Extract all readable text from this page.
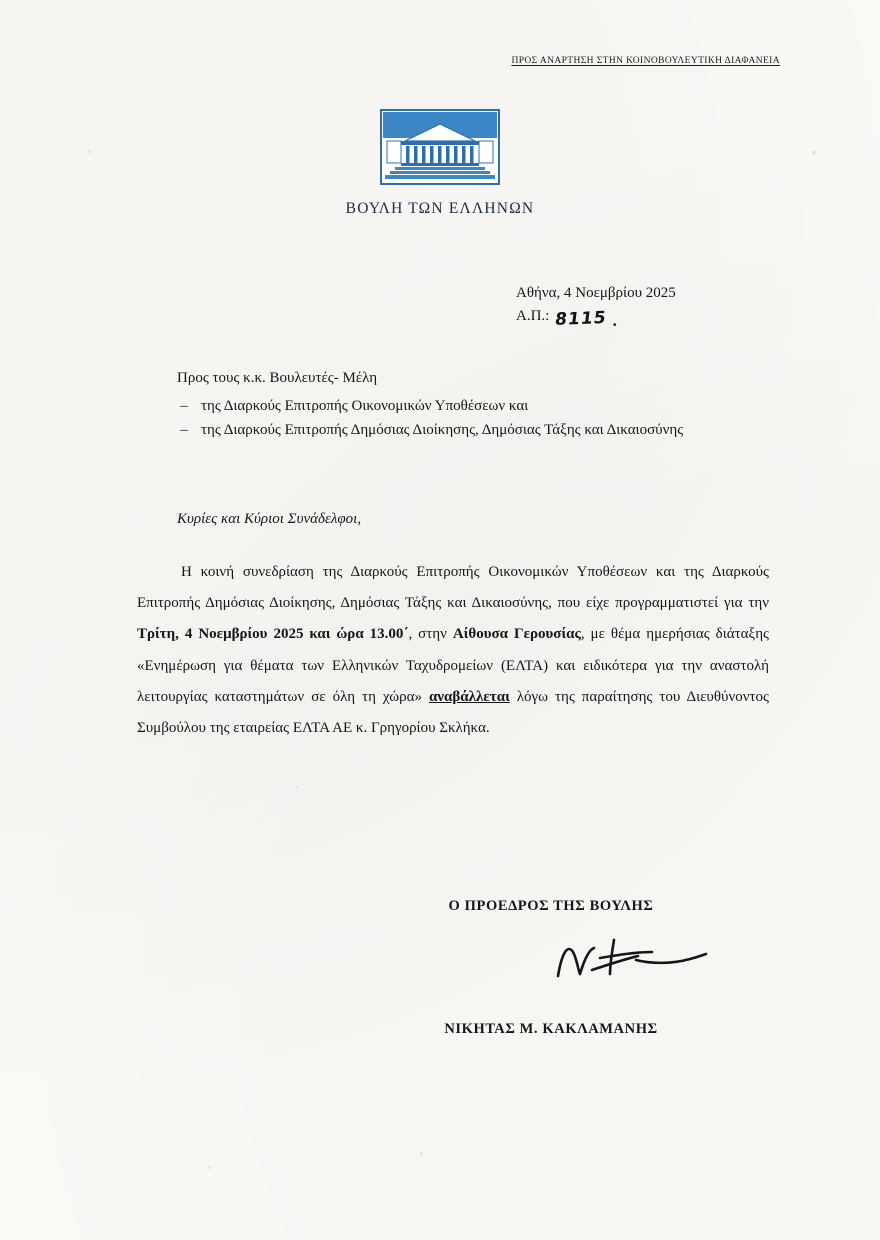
ΠΡΟΣ ΑΝΑΡΤΗΣΗ ΣΤΗΝ ΚΟΙΝΟΒΟΥΛΕΥΤΙΚΗ ΔΙΑΦΑΝΕΙΑ
ΒΟΥΛΗ ΤΩΝ ΕΛΛΗΝΩΝ
Αθήνα, 4 Νοεμβρίου 2025
Α.Π.: 8115 .
Προς τους κ.κ. Βουλευτές- Μέλη
– της Διαρκούς Επιτροπής Οικονομικών Υποθέσεων και
– της Διαρκούς Επιτροπής Δημόσιας Διοίκησης, Δημόσιας Τάξης και Δικαιοσύνης
Κυρίες και Κύριοι Συνάδελφοι,
Η κοινή συνεδρίαση της Διαρκούς Επιτροπής Οικονομικών Υποθέσεων και της Διαρκούς Επιτροπής Δημόσιας Διοίκησης, Δημόσιας Τάξης και Δικαιοσύνης, που είχε προγραμματιστεί για την Τρίτη, 4 Νοεμβρίου 2025 και ώρα 13.00΄, στην Αίθουσα Γερουσίας, με θέμα ημερήσιας διάταξης «Ενημέρωση για θέματα των Ελληνικών Ταχυδρομείων (ΕΛΤΑ) και ειδικότερα για την αναστολή λειτουργίας καταστημάτων σε όλη τη χώρα» αναβάλλεται λόγω της παραίτησης του Διευθύνοντος Συμβούλου της εταιρείας ΕΛΤΑ ΑΕ κ. Γρηγορίου Σκλήκα.
Ο ΠΡΟΕΔΡΟΣ ΤΗΣ ΒΟΥΛΗΣ
ΝΙΚΗΤΑΣ Μ. ΚΑΚΛΑΜΑΝΗΣ
